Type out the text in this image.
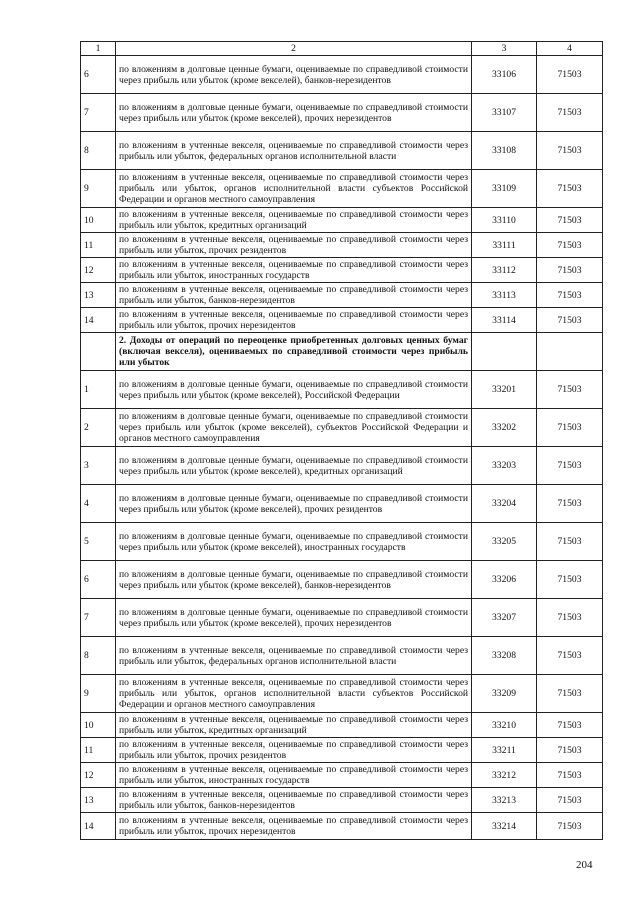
1	2	3	4
6	по вложениям в долговые ценные бумаги, оцениваемые по справедливой стоимости через прибыль или убыток (кроме векселей), банков-нерезидентов	33106	71503
7	по вложениям в долговые ценные бумаги, оцениваемые по справедливой стоимости через прибыль или убыток (кроме векселей), прочих нерезидентов	33107	71503
8	по вложениям в учтенные векселя, оцениваемые по справедливой стоимости через прибыль или убыток, федеральных органов исполнительной власти	33108	71503
9	по вложениям в учтенные векселя, оцениваемые по справедливой стоимости через прибыль или убыток, органов исполнительной власти субъектов Российской Федерации и органов местного самоуправления	33109	71503
10	по вложениям в учтенные векселя, оцениваемые по справедливой стоимости через прибыль или убыток, кредитных организаций	33110	71503
11	по вложениям в учтенные векселя, оцениваемые по справедливой стоимости через прибыль или убыток, прочих резидентов	33111	71503
12	по вложениям в учтенные векселя, оцениваемые по справедливой стоимости через прибыль или убыток, иностранных государств	33112	71503
13	по вложениям в учтенные векселя, оцениваемые по справедливой стоимости через прибыль или убыток, банков-нерезидентов	33113	71503
14	по вложениям в учтенные векселя, оцениваемые по справедливой стоимости через прибыль или убыток, прочих нерезидентов	33114	71503
	2. Доходы от операций по переоценке приобретенных долговых ценных бумаг (включая векселя), оцениваемых по справедливой стоимости через прибыль или убыток		
1	по вложениям в долговые ценные бумаги, оцениваемые по справедливой стоимости через прибыль или убыток (кроме векселей), Российской Федерации	33201	71503
2	по вложениям в долговые ценные бумаги, оцениваемые по справедливой стоимости через прибыль или убыток (кроме векселей), субъектов Российской Федерации и органов местного самоуправления	33202	71503
3	по вложениям в долговые ценные бумаги, оцениваемые по справедливой стоимости через прибыль или убыток (кроме векселей), кредитных организаций	33203	71503
4	по вложениям в долговые ценные бумаги, оцениваемые по справедливой стоимости через прибыль или убыток (кроме векселей), прочих резидентов	33204	71503
5	по вложениям в долговые ценные бумаги, оцениваемые по справедливой стоимости через прибыль или убыток (кроме векселей), иностранных государств	33205	71503
6	по вложениям в долговые ценные бумаги, оцениваемые по справедливой стоимости через прибыль или убыток (кроме векселей), банков-нерезидентов	33206	71503
7	по вложениям в долговые ценные бумаги, оцениваемые по справедливой стоимости через прибыль или убыток (кроме векселей), прочих нерезидентов	33207	71503
8	по вложениям в учтенные векселя, оцениваемые по справедливой стоимости через прибыль или убыток, федеральных органов исполнительной власти	33208	71503
9	по вложениям в учтенные векселя, оцениваемые по справедливой стоимости через прибыль или убыток, органов исполнительной власти субъектов Российской Федерации и органов местного самоуправления	33209	71503
10	по вложениям в учтенные векселя, оцениваемые по справедливой стоимости через прибыль или убыток, кредитных организаций	33210	71503
11	по вложениям в учтенные векселя, оцениваемые по справедливой стоимости через прибыль или убыток, прочих резидентов	33211	71503
12	по вложениям в учтенные векселя, оцениваемые по справедливой стоимости через прибыль или убыток, иностранных государств	33212	71503
13	по вложениям в учтенные векселя, оцениваемые по справедливой стоимости через прибыль или убыток, банков-нерезидентов	33213	71503
14	по вложениям в учтенные векселя, оцениваемые по справедливой стоимости через прибыль или убыток, прочих нерезидентов	33214	71503
204
